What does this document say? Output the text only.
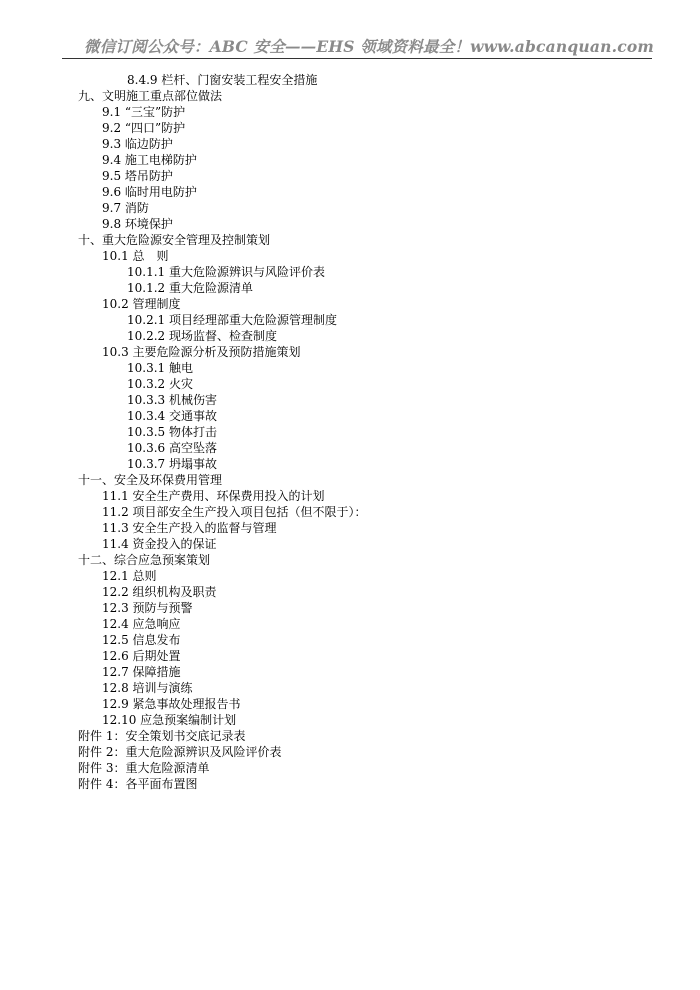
微信订阅公众号：ABC 安全——EHS 领域资料最全！www.abcanquan.com
8.4.9 栏杆、门窗安装工程安全措施
九、文明施工重点部位做法
9.1 “三宝”防护
9.2 “四口”防护
9.3 临边防护
9.4 施工电梯防护
9.5 塔吊防护
9.6 临时用电防护
9.7 消防
9.8 环境保护
十、重大危险源安全管理及控制策划
10.1 总　则
10.1.1 重大危险源辨识与风险评价表
10.1.2 重大危险源清单
10.2 管理制度
10.2.1 项目经理部重大危险源管理制度
10.2.2 现场监督、检查制度
10.3 主要危险源分析及预防措施策划
10.3.1 触电
10.3.2 火灾
10.3.3 机械伤害
10.3.4 交通事故
10.3.5 物体打击
10.3.6 高空坠落
10.3.7 坍塌事故
十一、安全及环保费用管理
11.1 安全生产费用、环保费用投入的计划
11.2 项目部安全生产投入项目包括（但不限于）：
11.3 安全生产投入的监督与管理
11.4 资金投入的保证
十二、综合应急预案策划
12.1 总则
12.2 组织机构及职责
12.3 预防与预警
12.4 应急响应
12.5 信息发布
12.6 后期处置
12.7 保障措施
12.8 培训与演练
12.9 紧急事故处理报告书
12.10 应急预案编制计划
附件 1：安全策划书交底记录表
附件 2：重大危险源辨识及风险评价表
附件 3：重大危险源清单
附件 4：各平面布置图
